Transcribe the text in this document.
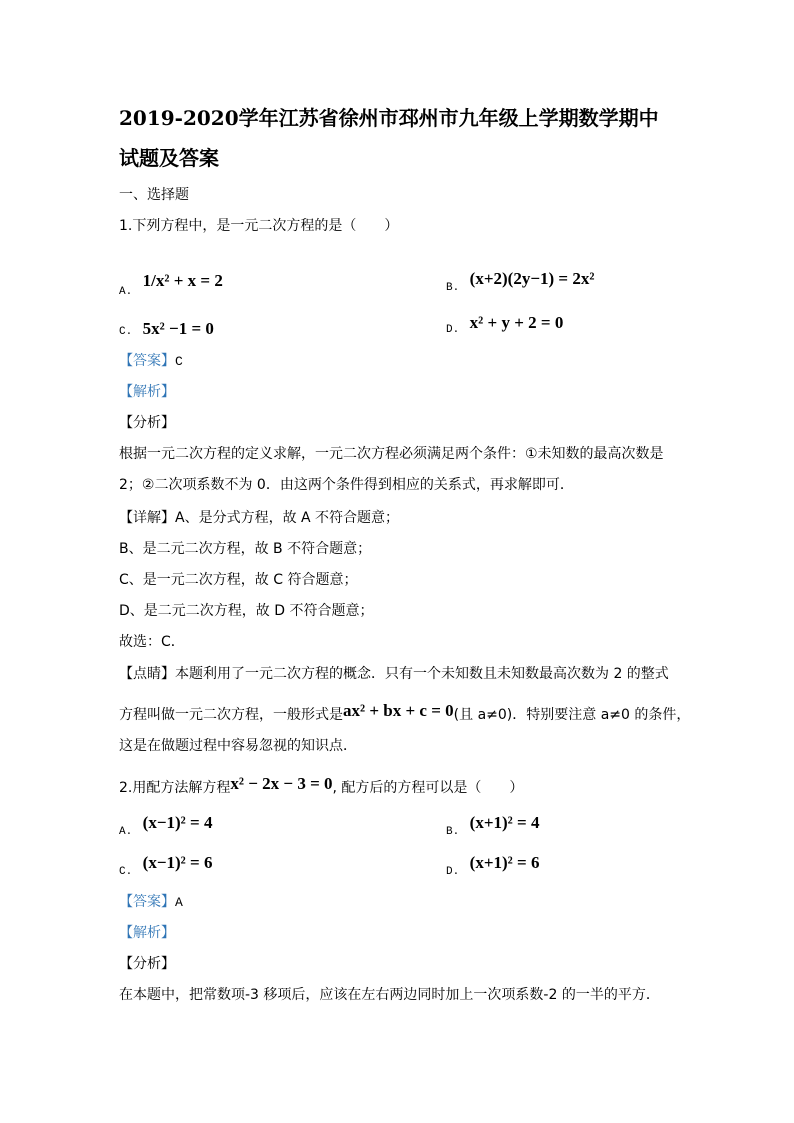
2019-2020学年江苏省徐州市邳州市九年级上学期数学期中
试题及答案
一、选择题
1.下列方程中，是一元二次方程的是（　　）
A. 1/x² + x = 2	B. (x+2)(2y−1) = 2x²
C. 5x² −1 = 0	D. x² + y + 2 = 0
【答案】C
【解析】
【分析】
根据一元二次方程的定义求解，一元二次方程必须满足两个条件：①未知数的最高次数是
2；②二次项系数不为 0．由这两个条件得到相应的关系式，再求解即可．
【详解】A、是分式方程，故 A 不符合题意；
B、是二元二次方程，故 B 不符合题意；
C、是一元二次方程，故 C 符合题意；
D、是二元二次方程，故 D 不符合题意；
故选：C．
【点睛】本题利用了一元二次方程的概念．只有一个未知数且未知数最高次数为 2 的整式
方程叫做一元二次方程，一般形式是ax² + bx + c = 0(且 a≠0)．特别要注意 a≠0 的条件，
这是在做题过程中容易忽视的知识点．
2.用配方法解方程x² − 2x − 3 = 0, 配方后的方程可以是（　　）
A. (x−1)² = 4	B. (x+1)² = 4
C. (x−1)² = 6	D. (x+1)² = 6
【答案】A
【解析】
【分析】
在本题中，把常数项-3 移项后，应该在左右两边同时加上一次项系数-2 的一半的平方．
